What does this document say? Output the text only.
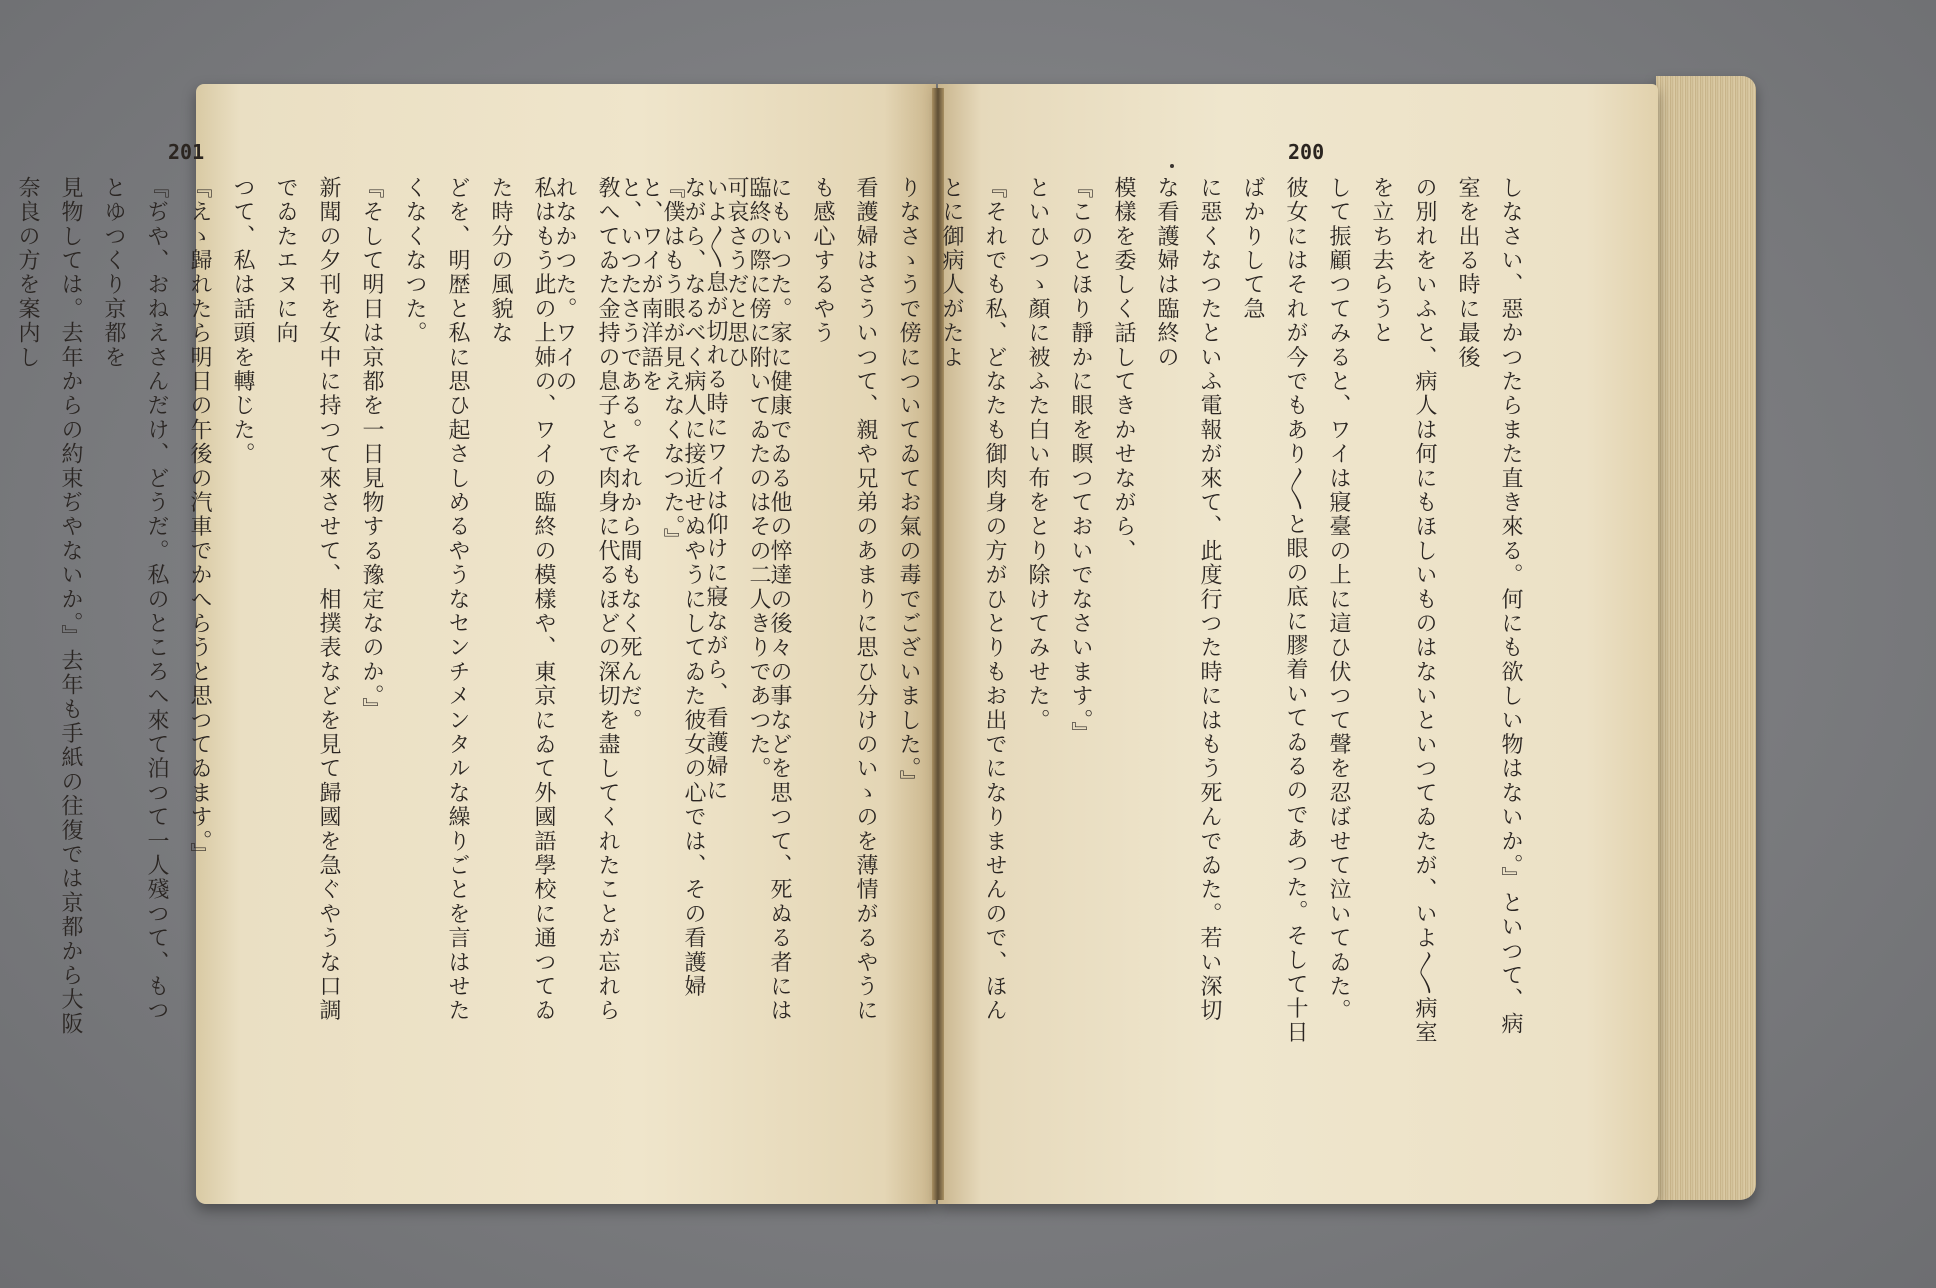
201	200
しなさい、惡かつたらまた直き來る。何にも欲しい物はないか。』といつて、病室を出る時に最後
の別れをいふと、病人は何にもほしいものはないといつてゐたが、いよ〳〵病室を立ち去らうと
して振顧つてみると、ワイは寢臺の上に這ひ伏つて聲を忍ばせて泣いてゐた。
彼女にはそれが今でもあり〳〵と眼の底に膠着いてゐるのであつた。そして十日ばかりして急
に惡くなつたといふ電報が來て、此度行つた時にはもう死んでゐた。若い深切な看護婦は臨終の
模樣を委しく話してきかせながら、
『このとほり靜かに眼を瞑つておいでなさいます。』
といひつゝ顏に被ふた白い布をとり除けてみせた。
『それでも私、どなたも御肉身の方がひとりもお出でになりませんので、ほんとに御病人がたよ
りなさゝうで傍についてゐてお氣の毒でございました。』
看護婦はさういつて、親や兄弟のあまりに思ひ分けのいゝのを薄情がるやうにも感心するやう
にもいつた。家に健康でゐる他の悴達の後々の事などを思つて、死ぬる者には可哀さうだと思ひ
ながら、なるべく病人に接近せぬやうにしてゐた彼女の心では、その看護婦と、ワイが南洋語を
敎へてゐた金持の息子とで肉身に代るほどの深切を盡してくれたことが忘れられなかつた。ワイの	臨終の際に傍に附いてゐたのはその二人きりであつた。
いよ〳〵息が切れる時にワイは仰けに寢ながら、看護婦に
『僕はもう眼が見えなくなつた。』
と、いつたさうである。それから間もなく死んだ。
私はもう此の上姉の、ワイの臨終の模樣や、東京にゐて外國語學校に通つてゐた時分の風貌な
どを、明歴と私に思ひ起さしめるやうなセンチメンタルな繰りごとを言はせたくなくなつた。
『そして明日は京都を一日見物する豫定なのか。』
新聞の夕刊を女中に持つて來させて、相撲表などを見て歸國を急ぐやうな口調でゐたエヌに向
つて、私は話頭を轉じた。
『えゝ歸れたら明日の午後の汽車でかへらうと思つてゐます。』
『ぢや、おねえさんだけ、どうだ。私のところへ來て泊つて一人殘つて、もつとゆつくり京都を
見物しては。去年からの約束ぢやないか。』去年も手紙の往復では京都から大阪奈良の方を案内し
